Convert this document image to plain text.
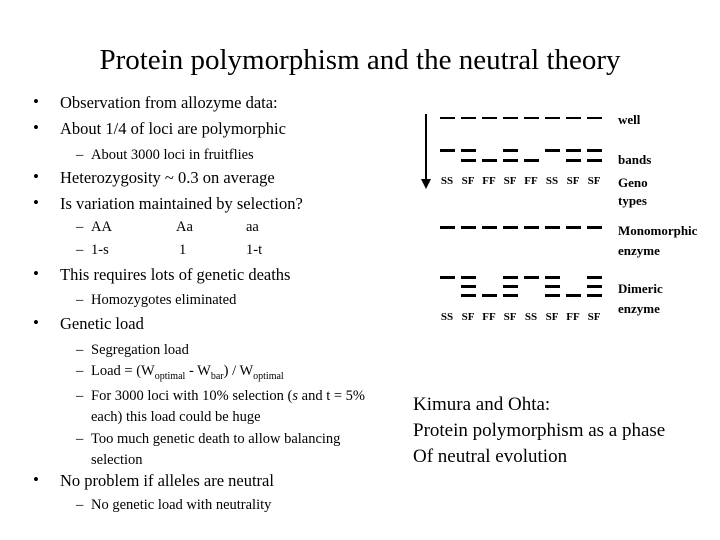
Protein polymorphism and the neutral theory
• Observation from allozyme data:
• About 1/4 of loci are polymorphic
– About 3000 loci in fruitflies
• Heterozygosity ~ 0.3 on average
• Is variation maintained by selection?
AA	Aa	aa
1-s	1	1-t
• This requires lots of genetic deaths
– Homozygotes eliminated
• Genetic load
– Segregation load
– Load = $(W_{optimal} - W_{bar}) / W_{optimal}$
– For 3000 loci with 10% selection (s and t = 5% each) this load could be huge
– Too much genetic death to allow balancing selection
• No problem if alleles are neutral
– No genetic load with neutrality
SS SF FF SF FF SS SF SF
SS SF FF SF SS SF FF SF
well
bands
Geno
types
Monomorphic
enzyme
Dimeric
enzyme
Kimura and Ohta:
Protein polymorphism as a phase
Of neutral evolution
